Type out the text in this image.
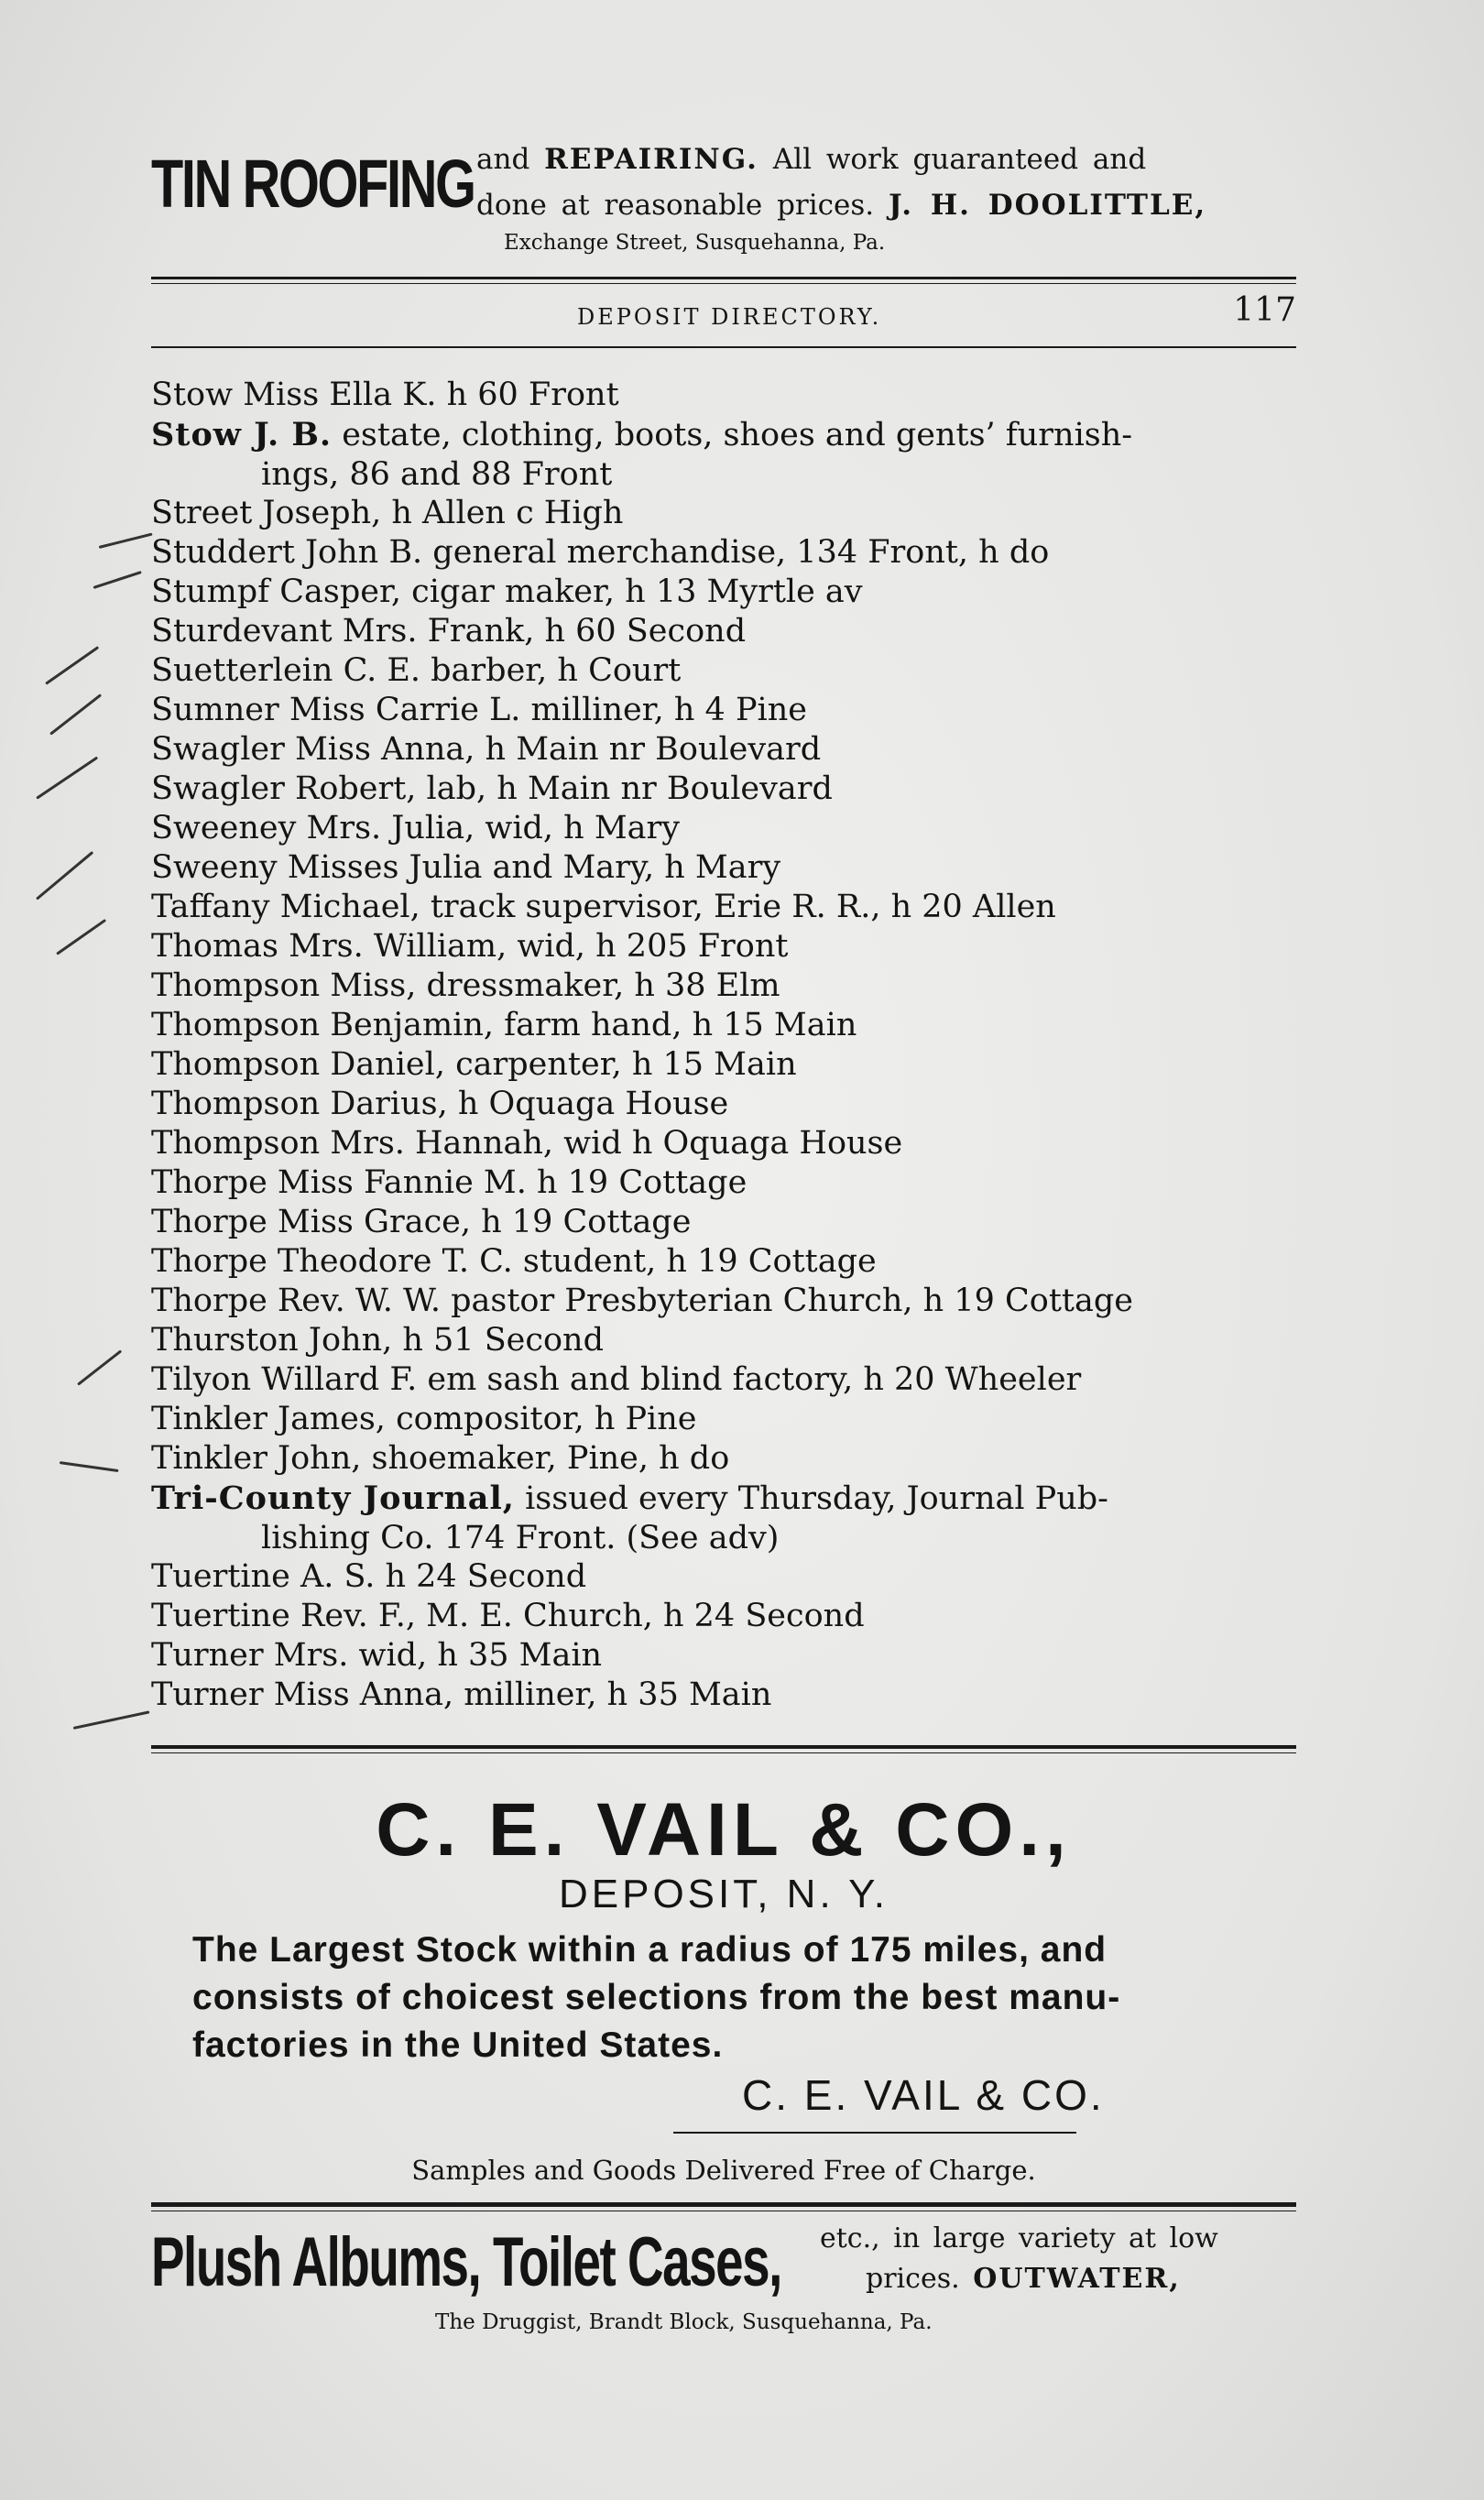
TIN ROOFING and REPAIRING. All work guaranteed and
done at reasonable prices. J. H. DOOLITTLE,
Exchange Street, Susquehanna, Pa.
DEPOSIT DIRECTORY.	117
Stow Miss Ella K. h 60 Front
Stow J. B. estate, clothing, boots, shoes and gents’ furnish-
ings, 86 and 88 Front
Street Joseph, h Allen c High
Studdert John B. general merchandise, 134 Front, h do
Stumpf Casper, cigar maker, h 13 Myrtle av
Sturdevant Mrs. Frank, h 60 Second
Suetterlein C. E. barber, h Court
Sumner Miss Carrie L. milliner, h 4 Pine
Swagler Miss Anna, h Main nr Boulevard
Swagler Robert, lab, h Main nr Boulevard
Sweeney Mrs. Julia, wid, h Mary
Sweeny Misses Julia and Mary, h Mary
Taffany Michael, track supervisor, Erie R. R., h 20 Allen
Thomas Mrs. William, wid, h 205 Front
Thompson Miss, dressmaker, h 38 Elm
Thompson Benjamin, farm hand, h 15 Main
Thompson Daniel, carpenter, h 15 Main
Thompson Darius, h Oquaga House
Thompson Mrs. Hannah, wid h Oquaga House
Thorpe Miss Fannie M. h 19 Cottage
Thorpe Miss Grace, h 19 Cottage
Thorpe Theodore T. C. student, h 19 Cottage
Thorpe Rev. W. W. pastor Presbyterian Church, h 19 Cottage
Thurston John, h 51 Second
Tilyon Willard F. em sash and blind factory, h 20 Wheeler
Tinkler James, compositor, h Pine
Tinkler John, shoemaker, Pine, h do
Tri-County Journal, issued every Thursday, Journal Pub-
lishing Co. 174 Front. (See adv)
Tuertine A. S. h 24 Second
Tuertine Rev. F., M. E. Church, h 24 Second
Turner Mrs. wid, h 35 Main
Turner Miss Anna, milliner, h 35 Main
C. E. VAIL & CO.,
DEPOSIT, N. Y.
The Largest Stock within a radius of 175 miles, and
consists of choicest selections from the best manu-
factories in the United States.
C. E. VAIL & CO.
Samples and Goods Delivered Free of Charge.
Plush Albums, Toilet Cases, etc., in large variety at low
prices. OUTWATER,
The Druggist, Brandt Block, Susquehanna, Pa.
